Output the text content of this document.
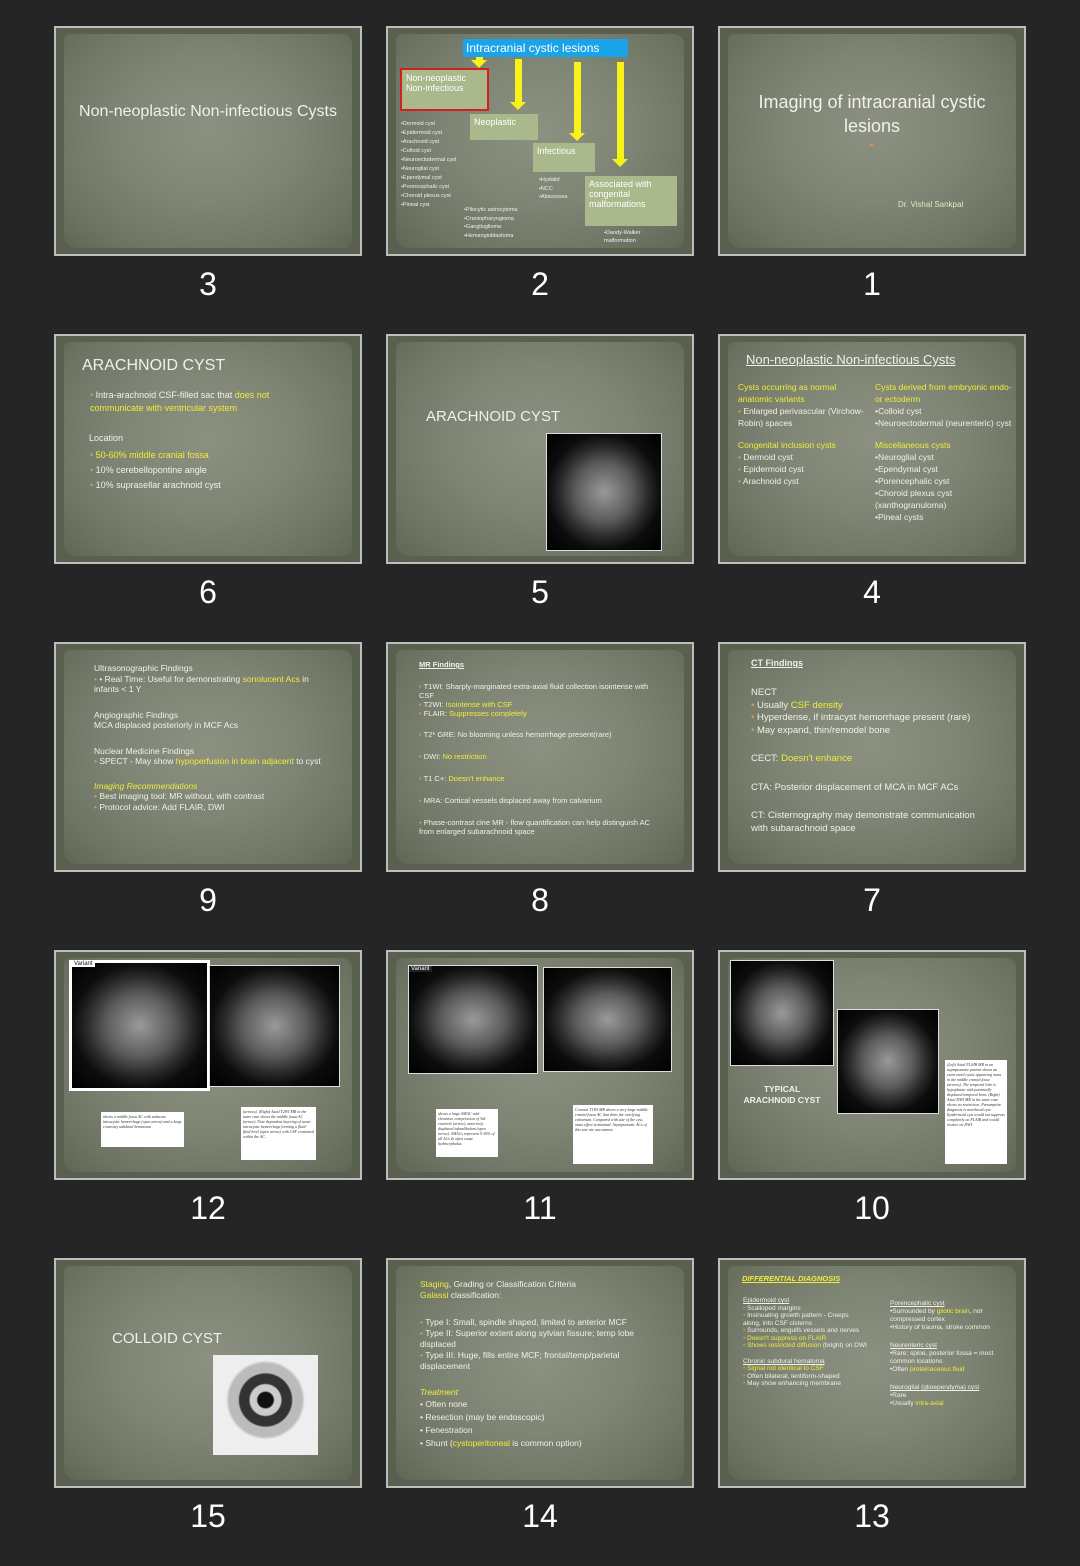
Imaging of intracranial cystic lesions
Dr. Vishal Sankpal
1
Intracranial cystic lesions
Non-neoplastic Non-infectious
Neoplastic
Infectious
Associated with congenital malformations
•Dermoid cyst
•Epidermoid cyst
•Arachnoid cyst
•Colloid cyst
•Neuroectodermal cyst
•Neuroglial cyst
•Ependymal cyst
•Porencephalic cyst
•Choroid plexus cyst
•Pineal cyst
•Pilocytic astrocytoma
•Craniopharyngioma
•Ganglioglioma
•Hemangioblastoma
•Hydatid
•NCC
•Abscesses
•Dandy-Walker malformation
2
Non-neoplastic Non-infectious Cysts
3
Non-neoplastic Non-infectious Cysts
Cysts occurring as normal anatomic variants
• Enlarged perivascular (Virchow-Robin) spaces
Congenital inclusion cysts
• Dermoid cyst
• Epidermoid cyst
• Arachnoid cyst
Cysts derived from embryonic endo- or ectoderm
•Colloid cyst
•Neuroectodermal (neurenteric) cyst
Miscellaneous cysts
•Neuroglial cyst
•Ependymal cyst
•Porencephalic cyst
•Choroid plexus cyst (xanthogranuloma)
•Pineal cysts
4
ARACHNOID CYST
5
ARACHNOID CYST
• Intra-arachnoid CSF-filled sac that does not communicate with ventricular system
Location
• 50-60% middle cranial fossa
• 10% cerebellopontine angle
• 10% suprasellar arachnoid cyst
6
CT Findings
NECT
• Usually CSF density
• Hyperdense, if intracyst hemorrhage present (rare)
• May expand, thin/remodel bone
CECT: Doesn't enhance
CTA: Posterior displacement of MCA in MCF ACs
CT: Cisternography may demonstrate communication with subarachnoid space
7
MR Findings
• T1WI: Sharply-marginated extra-axial fluid collection isointense with CSF
• T2WI: Isointense with CSF
• FLAIR: Suppresses completely
• T2* GRE: No blooming unless hemorrhage present(rare)
• DWI: No restriction
• T1 C+: Doesn't enhance
• MRA: Cortical vessels displaced away from calvarium
• Phase-contrast cine MR - flow quantification can help distinguish AC from enlarged subarachnoid space
8
Ultrasonographic Findings
• • Real Time: Useful for demonstrating sonolucent Acs in infants < 1 Y
Angiographic Findings
MCA displaced posteriorly in MCF Acs
Nuclear Medicine Findings
• SPECT - May show hypoperfusion in brain adjacent to cyst
Imaging Recommendations
• Best imaging tool: MR without, with contrast
• Protocol advice: Add FLAIR, DWI
9
TYPICAL ARACHNOID CYST
(Left) Axial FLAIR MR in an asymptomatic patient shows an extra-axial cystic appearing mass in the middle cranial fossa (arrows). The temporal lobe is hypoplastic with potentially displaced temporal horn. (Right) Axial DWI MR in the same case shows no restriction. Presumptive diagnosis is arachnoid cyst. Epidermoid cyst would not suppress completely on FLAIR and would restrict on DWI.
10
Variant
shows a large SMAC with elevation, compression of 3rd ventricle (arrow), anteriorly displaced infundibulum (open arrow). SMACs represent 5-10% of all ACs & often cause hydrocephalus.
Coronal T1WI MR shows a very large middle cranial fossa AC that thins the overlying calvarium. Compared with size of the cyst, mass effect is minimal. Asymptomatic ACs of this size are uncommon.
11
Variant
shows a middle fossa AC with subacute intracystic hemorrhage (open arrow) and a large convexity subdural hematoma
(arrows). (Right) Axial T2WI MR in the same case shows the middle fossa AC (arrow). Note dependent layering of acute intracystic hemorrhage forming a fluid-fluid level (open arrow) with CSF contained within the AC.
12
DIFFERENTIAL DIAGNOSIS
Epidermoid cyst
• Scalloped margins
• Insinuating growth pattern - Creeps along, into CSF cisterns
• Surrounds, engulfs vessels and nerves
• Doesn't suppress on FLAIR
• Shows restricted diffusion (bright) on DWI
Chronic subdural hematoma
• Signal not identical to CSF
• Often bilateral, lentiform-shaped
• May show enhancing membrane
Porencephalic cyst
•Surrounded by gliotic brain, not compressed cortex
•History of trauma, stroke common
Neurenteric cyst
•Rare; spine, posterior fossa = most common locations
•Often proteinaceous fluid
Neuroglial (glioependyma) cyst
•Rare
•Usually intra-axial
13
Staging, Grading or Classification Criteria
Galassi classification:
• Type I: Small, spindle shaped, limited to anterior MCF
• Type II: Superior extent along sylvian fissure; temp lobe displaced
• Type III: Huge, fills entire MCF; frontal/temp/parietal displacement
Treatment
• Often none
• Resection (may be endoscopic)
• Fenestration
• Shunt (cystoperitoneal is common option)
14
COLLOID CYST
15
